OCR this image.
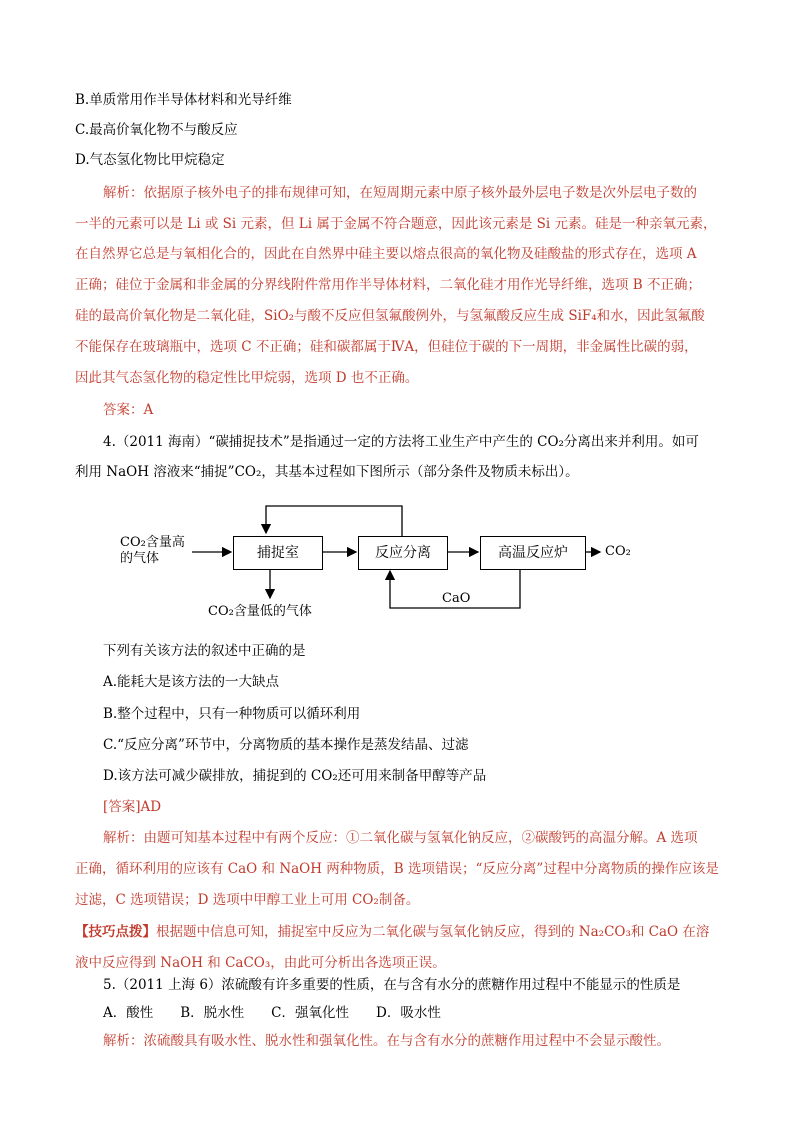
B.单质常用作半导体材料和光导纤维
C.最高价氧化物不与酸反应
D.气态氢化物比甲烷稳定
解析：依据原子核外电子的排布规律可知，在短周期元素中原子核外最外层电子数是次外层电子数的
一半的元素可以是 Li 或 Si 元素，但 Li 属于金属不符合题意，因此该元素是 Si 元素。硅是一种亲氧元素，
在自然界它总是与氧相化合的，因此在自然界中硅主要以熔点很高的氧化物及硅酸盐的形式存在，选项 A
正确；硅位于金属和非金属的分界线附件常用作半导体材料，二氧化硅才用作光导纤维，选项 B 不正确；
硅的最高价氧化物是二氧化硅，SiO₂与酸不反应但氢氟酸例外，与氢氟酸反应生成 SiF₄和水，因此氢氟酸
不能保存在玻璃瓶中，选项 C 不正确；硅和碳都属于ⅣA，但硅位于碳的下一周期，非金属性比碳的弱，
因此其气态氢化物的稳定性比甲烷弱，选项 D 也不正确。
答案：A
4.（2011 海南）“碳捕捉技术”是指通过一定的方法将工业生产中产生的 CO₂分离出来并利用。如可
利用 NaOH 溶液来“捕捉”CO₂，其基本过程如下图所示（部分条件及物质未标出）。
CO₂含量高
的气体	捕捉室	反应分离	高温反应炉	CO₂
CO₂含量低的气体
CaO
下列有关该方法的叙述中正确的是
A.能耗大是该方法的一大缺点
B.整个过程中，只有一种物质可以循环利用
C.“反应分离”环节中，分离物质的基本操作是蒸发结晶、过滤
D.该方法可减少碳排放，捕捉到的 CO₂还可用来制备甲醇等产品
[答案]AD
解析：由题可知基本过程中有两个反应：①二氧化碳与氢氧化钠反应，②碳酸钙的高温分解。A 选项
正确，循环利用的应该有 CaO 和 NaOH 两种物质，B 选项错误；“反应分离”过程中分离物质的操作应该是
过滤，C 选项错误；D 选项中甲醇工业上可用 CO₂制备。
【技巧点拨】根据题中信息可知，捕捉室中反应为二氧化碳与氢氧化钠反应，得到的 Na₂CO₃和 CaO 在溶
液中反应得到 NaOH 和 CaCO₃，由此可分析出各选项正误。
5.（2011 上海 6）浓硫酸有许多重要的性质，在与含有水分的蔗糖作用过程中不能显示的性质是
A．酸性　　B．脱水性　　C．强氧化性　　D．吸水性
解析：浓硫酸具有吸水性、脱水性和强氧化性。在与含有水分的蔗糖作用过程中不会显示酸性。
